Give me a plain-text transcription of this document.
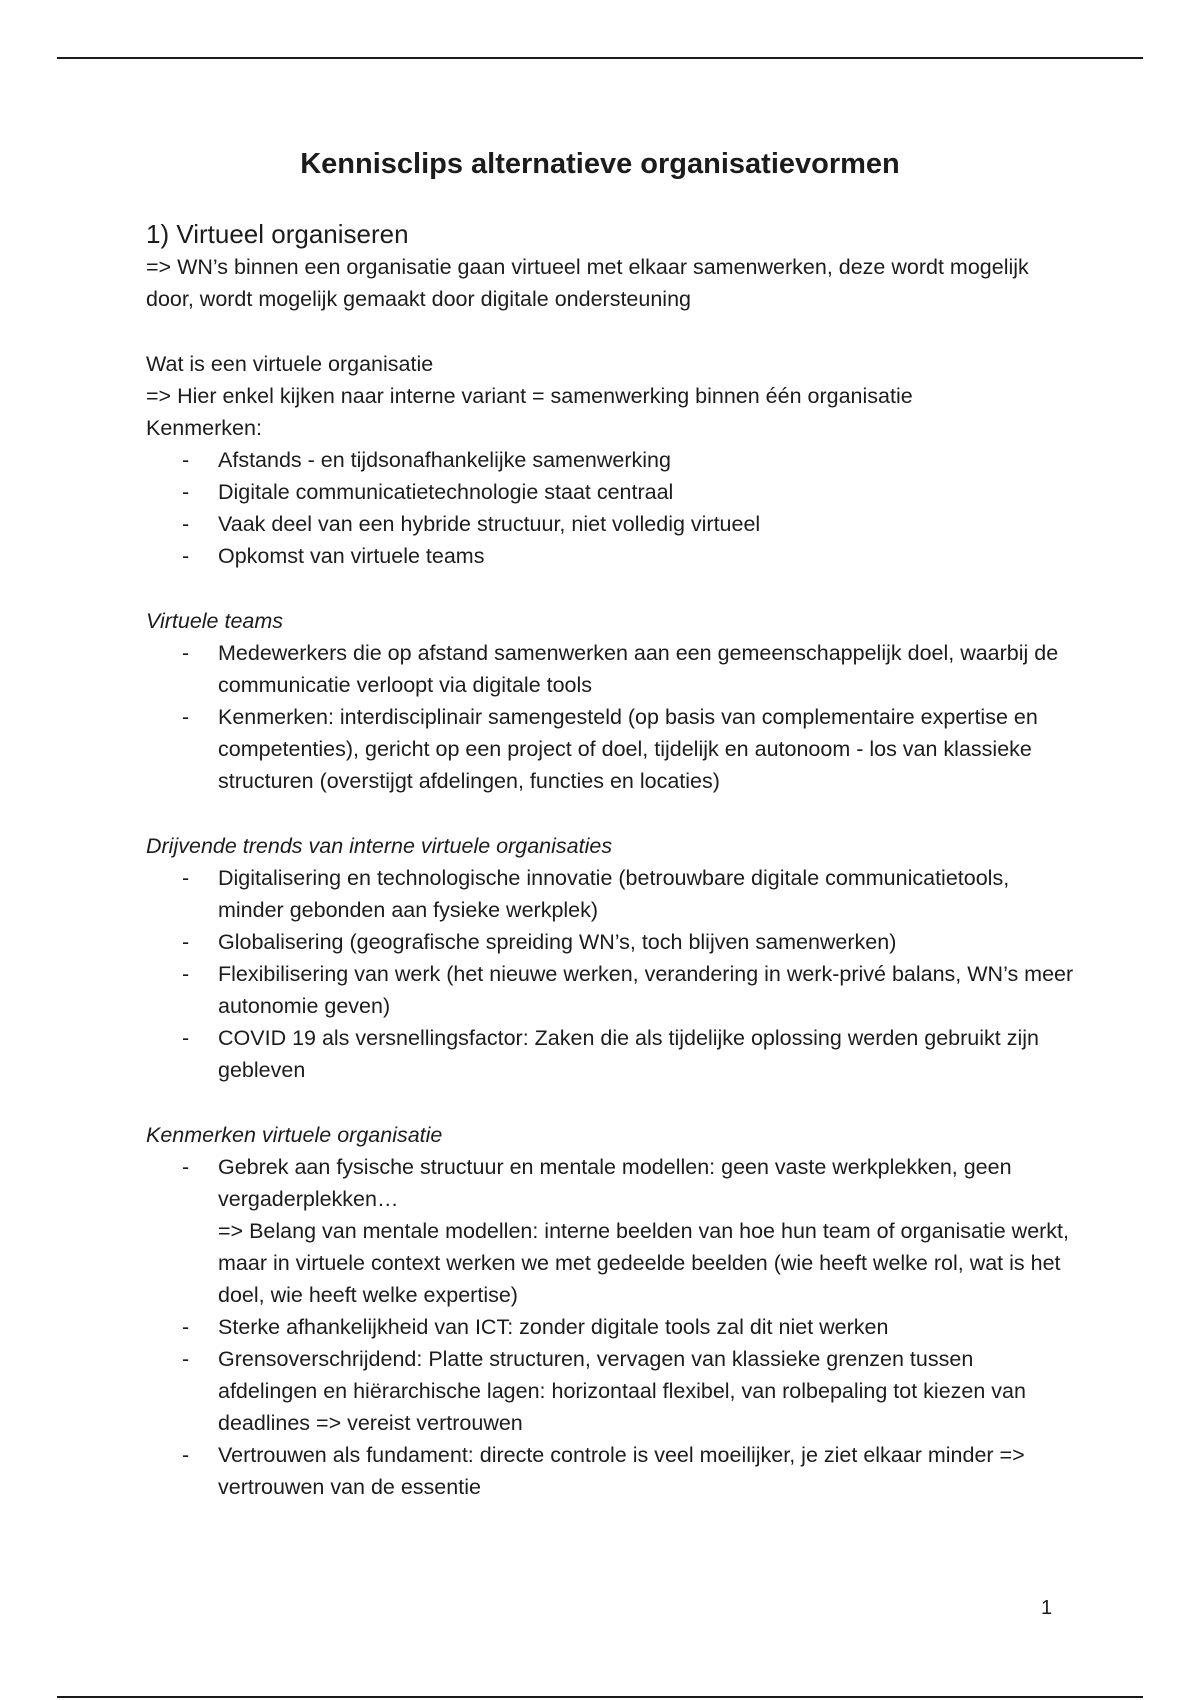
Kennisclips alternatieve organisatievormen
1) Virtueel organiseren

=> WN’s binnen een organisatie gaan virtueel met elkaar samenwerken, deze wordt mogelijk door, wordt mogelijk gemaakt door digitale ondersteuning

Wat is een virtuele organisatie

=> Hier enkel kijken naar interne variant = samenwerking binnen één organisatie

Kenmerken:

- Afstands - en tijdsonafhankelijke samenwerking
- Digitale communicatietechnologie staat centraal
- Vaak deel van een hybride structuur, niet volledig virtueel
- Opkomst van virtuele teams

Virtuele teams

- Medewerkers die op afstand samenwerken aan een gemeenschappelijk doel, waarbij de communicatie verloopt via digitale tools
- Kenmerken: interdisciplinair samengesteld (op basis van complementaire expertise en competenties), gericht op een project of doel, tijdelijk en autonoom - los van klassieke structuren (overstijgt afdelingen, functies en locaties)

Drijvende trends van interne virtuele organisaties

- Digitalisering en technologische innovatie (betrouwbare digitale communicatietools, minder gebonden aan fysieke werkplek)
- Globalisering (geografische spreiding WN’s, toch blijven samenwerken)
- Flexibilisering van werk (het nieuwe werken, verandering in werk-privé balans, WN’s meer autonomie geven)
- COVID 19 als versnellingsfactor: Zaken die als tijdelijke oplossing werden gebruikt zijn gebleven

Kenmerken virtuele organisatie

- Gebrek aan fysische structuur en mentale modellen: geen vaste werkplekken, geen vergaderplekken…
=> Belang van mentale modellen: interne beelden van hoe hun team of organisatie werkt, maar in virtuele context werken we met gedeelde beelden (wie heeft welke rol, wat is het doel, wie heeft welke expertise)
- Sterke afhankelijkheid van ICT: zonder digitale tools zal dit niet werken
- Grensoverschrijdend: Platte structuren, vervagen van klassieke grenzen tussen afdelingen en hiërarchische lagen: horizontaal flexibel, van rolbepaling tot kiezen van deadlines => vereist vertrouwen
- Vertrouwen als fundament: directe controle is veel moeilijker, je ziet elkaar minder => vertrouwen van de essentie
1
